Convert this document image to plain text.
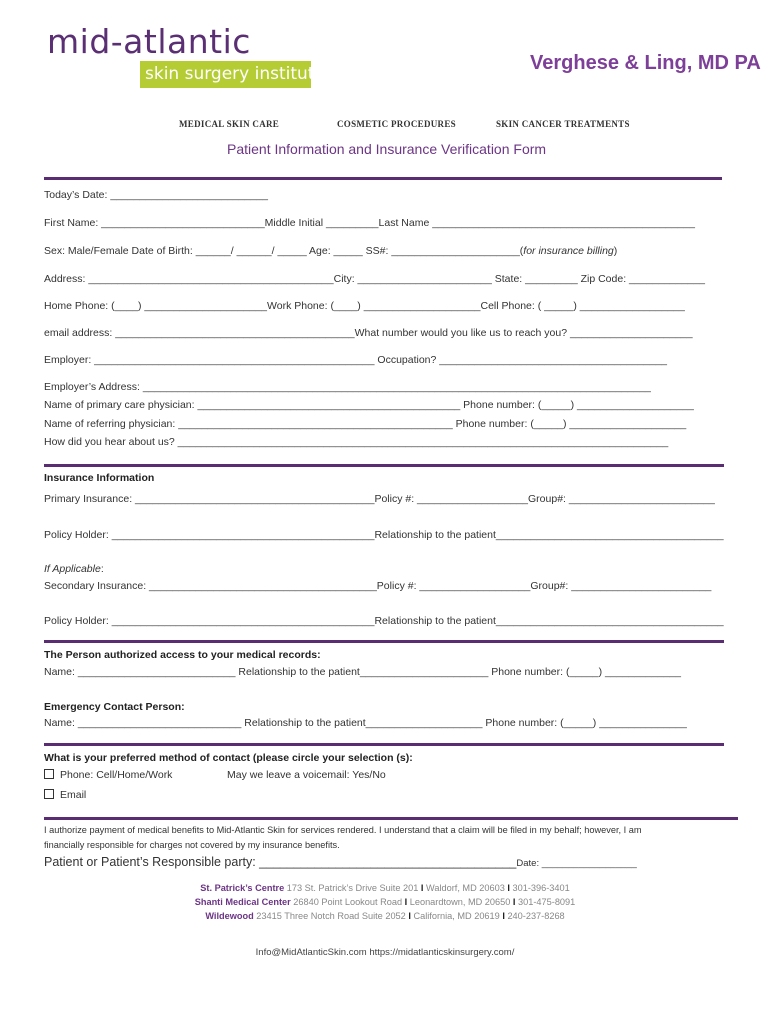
mid-atlantic
skin surgery institute	Verghese & Ling, MD PA
MEDICAL SKIN CARE	COSMETIC PROCEDURES	SKIN CANCER TREATMENTS
Patient Information and Insurance Verification Form
Today’s Date: ___________________________
First Name: ____________________________Middle Initial _________Last Name _____________________________________________
Sex: Male/Female Date of Birth: ______/ ______/ _____ Age: _____ SS#: ______________________(for insurance billing)
Address: __________________________________________City: _______________________ State: _________ Zip Code: _____________
Home Phone: (____) _____________________Work Phone: (____) ____________________Cell Phone: ( _____) __________________
email address: _________________________________________What number would you like us to reach you? _____________________
Employer: ________________________________________________ Occupation? _______________________________________
Employer’s Address: _______________________________________________________________________________________
Name of primary care physician: _____________________________________________ Phone number: (_____) ____________________
Name of referring physician: _______________________________________________ Phone number: (_____) ____________________
How did you hear about us? ____________________________________________________________________________________
Insurance Information
Primary Insurance: _________________________________________Policy #: ___________________Group#: _________________________
Policy Holder: _____________________________________________Relationship to the patient_______________________________________
If Applicable:
Secondary Insurance: _______________________________________Policy #: ___________________Group#: ________________________
Policy Holder: _____________________________________________Relationship to the patient_______________________________________
The Person authorized access to your medical records:
Name: ___________________________ Relationship to the patient______________________ Phone number: (_____) _____________
Emergency Contact Person:
Name: ____________________________ Relationship to the patient____________________ Phone number: (_____) _______________
What is your preferred method of contact (please circle your selection (s):
Phone: Cell/Home/Work	May we leave a voicemail: Yes/No
Email
I authorize payment of medical benefits to Mid-Atlantic Skin for services rendered. I understand that a claim will be filed in my behalf; however, I am
financially responsible for charges not covered by my insurance benefits.
Patient or Patient’s Responsible party: _____________________________________Date: __________________
St. Patrick’s Centre 173 St. Patrick’s Drive Suite 201 I Waldorf, MD 20603 I 301-396-3401
Shanti Medical Center 26840 Point Lookout Road I Leonardtown, MD 20650 I 301-475-8091
Wildewood 23415 Three Notch Road Suite 2052 I California, MD 20619 I 240-237-8268
Info@MidAtlanticSkin.com https://midatlanticskinsurgery.com/
